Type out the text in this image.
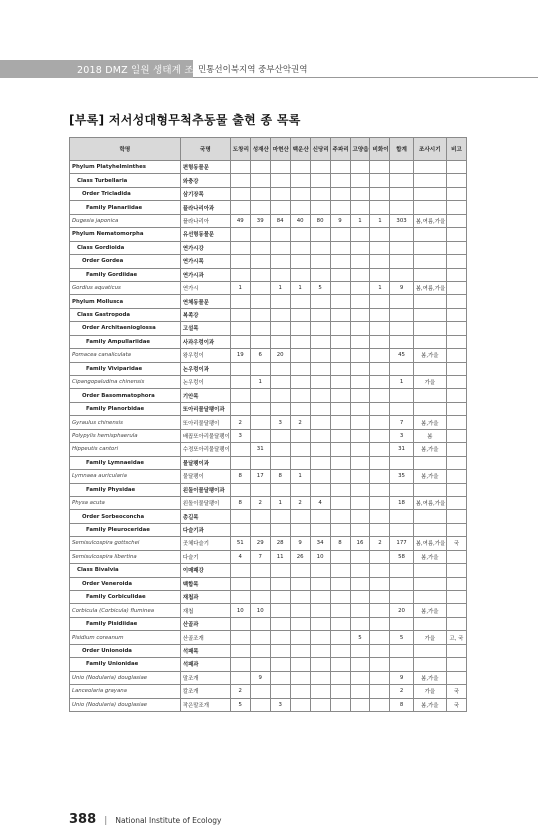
2018 DMZ 일원 생태계 조사
민통선이북지역 중부산악권역
[부록] 저서성대형무척추동물 출현 종 목록
학명	국명	도창리	성재산	마현산	백운산	신당리	주파리	고양읍	비화이	합계	조사시기	비고
Phylum Platyhelminthes	편형동물문											
Class Turbellaria	와충강											
Order Tricladida	삼기장목											
Family Planariidae	플라나리아과											
Dugesia japonica	플라나리아	49	39	84	40	80	9	1	1	303	봄,여름,가을	
Phylum Nematomorpha	유선형동물문											
Class Gordioida	연가시강											
Order Gordea	연가시목											
Family Gordiidae	연가시과											
Gordius aquaticus	연가시	1		1	1	5			1	9	봄,여름,가을	
Phylum Mollusca	연체동물문											
Class Gastropoda	복족강											
Order Architaenioglossa	고설목											
Family Ampullariidae	사과우렁이과											
Pomacea canaliculata	왕우렁이	19	6	20						45	봄,가을	
Family Viviparidae	논우렁이과											
Cipangopaludina chinensis	논우렁이		1							1	가을	
Order Basommatophora	기안목											
Family Planorbidae	또아리물달팽이과											
Gyraulus chinensis	또아리물달팽이	2		3	2					7	봄,가을	
Polypylis hemisphaerula	배꼽또아리물달팽이	3								3	봄	
Hippeutis cantori	수정또아리물달팽이		31							31	봄,가을	
Family Lymnaeidae	물달팽이과											
Lymnaea auricularia	물달팽이	8	17	8	1					35	봄,가을	
Family Physidae	왼돌이물달팽이과											
Physa acuta	왼돌이물달팽이	8	2	1	2	4				18	봄,여름,가을	
Order Sorbeoconcha	총길목											
Family Pleuroceridae	다슬기과											
Semisulcospira gottschei	곳체다슬기	51	29	28	9	34	8	16	2	177	봄,여름,가을	국
Semisulcospira libertina	다슬기	4	7	11	26	10				58	봄,가을	
Class Bivalvia	이매패강											
Order Veneroida	백합목											
Family Corbiculidae	재첩과											
Corbicula (Corbicula) fluminea	재첩	10	10							20	봄,가을	
Family Pisidiidae	산골과											
Pisidium coreanum	산골조개							5		5	가을	고, 국
Order Unionoida	석패목											
Family Unionidae	석패과											
Unio (Nodularia) douglasiae	말조개		9							9	봄,가을	
Lanceolaria grayana	칼조개	2								2	가을	국
Unio (Nodularia) douglasiae	작은말조개	5		3						8	봄,가을	국
388 | National Institute of Ecology
